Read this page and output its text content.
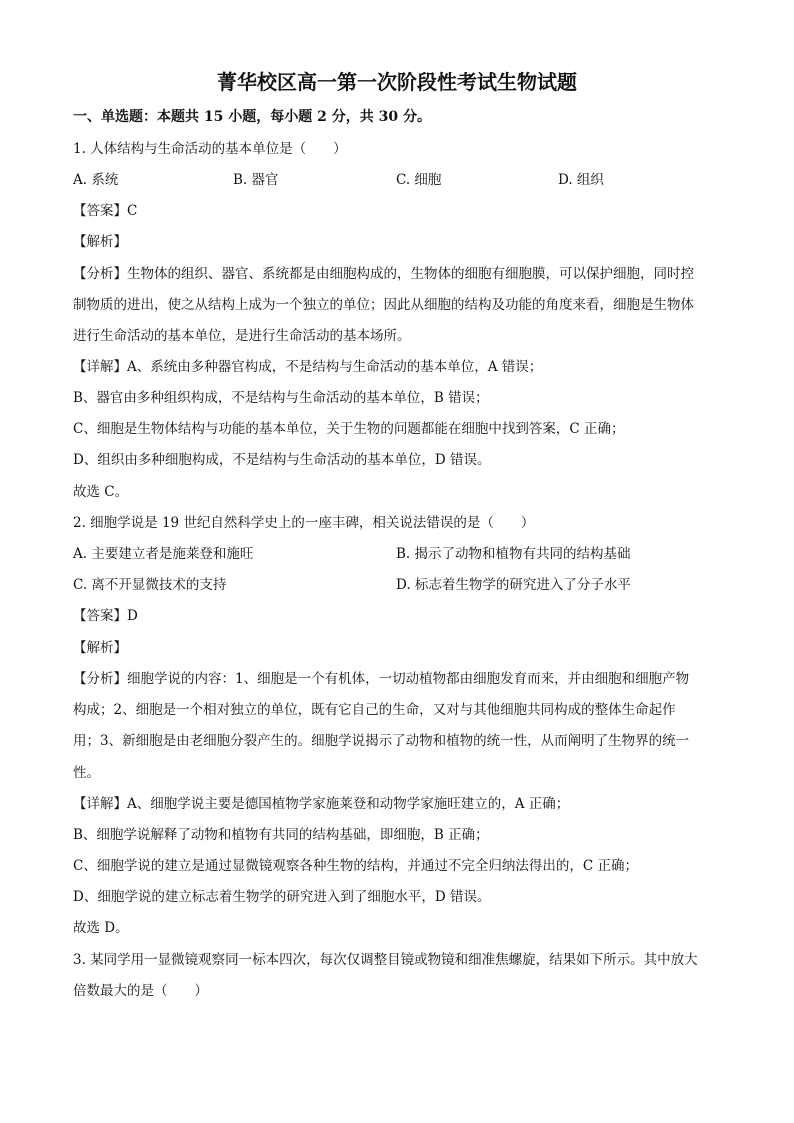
菁华校区高一第一次阶段性考试生物试题
一、单选题：本题共 15 小题，每小题 2 分，共 30 分。
1. 人体结构与生命活动的基本单位是（　　）
A. 系统	B. 器官	C. 细胞	D. 组织
【答案】C
【解析】
【分析】生物体的组织、器官、系统都是由细胞构成的，生物体的细胞有细胞膜，可以保护细胞，同时控
制物质的进出，使之从结构上成为一个独立的单位；因此从细胞的结构及功能的角度来看，细胞是生物体
进行生命活动的基本单位，是进行生命活动的基本场所。
【详解】A、系统由多种器官构成，不是结构与生命活动的基本单位，A 错误；
B、器官由多种组织构成，不是结构与生命活动的基本单位，B 错误；
C、细胞是生物体结构与功能的基本单位，关于生物的问题都能在细胞中找到答案，C 正确；
D、组织由多种细胞构成，不是结构与生命活动的基本单位，D 错误。
故选 C。
2. 细胞学说是 19 世纪自然科学史上的一座丰碑，相关说法错误的是（　　）
A. 主要建立者是施莱登和施旺	B. 揭示了动物和植物有共同的结构基础
C. 离不开显微技术的支持	D. 标志着生物学的研究进入了分子水平
【答案】D
【解析】
【分析】细胞学说的内容：1、细胞是一个有机体，一切动植物都由细胞发育而来，并由细胞和细胞产物
构成；2、细胞是一个相对独立的单位，既有它自己的生命，又对与其他细胞共同构成的整体生命起作
用；3、新细胞是由老细胞分裂产生的。细胞学说揭示了动物和植物的统一性，从而阐明了生物界的统一
性。
【详解】A、细胞学说主要是德国植物学家施莱登和动物学家施旺建立的，A 正确；
B、细胞学说解释了动物和植物有共同的结构基础，即细胞，B 正确；
C、细胞学说的建立是通过显微镜观察各种生物的结构，并通过不完全归纳法得出的，C 正确；
D、细胞学说的建立标志着生物学的研究进入到了细胞水平，D 错误。
故选 D。
3. 某同学用一显微镜观察同一标本四次，每次仅调整目镜或物镜和细准焦螺旋，结果如下所示。其中放大
倍数最大的是（　　）
